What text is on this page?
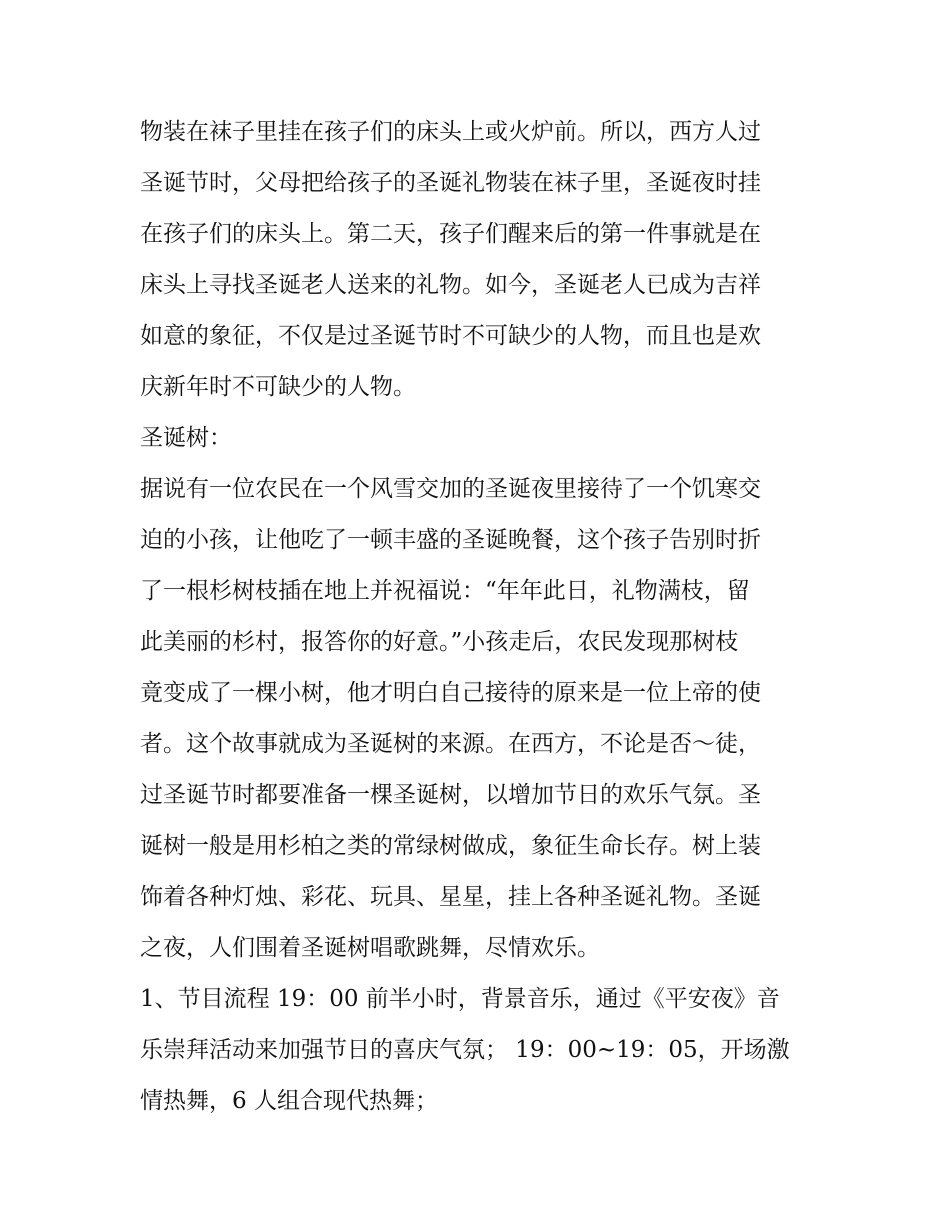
物装在袜子里挂在孩子们的床头上或火炉前。所以，西方人过
圣诞节时，父母把给孩子的圣诞礼物装在袜子里，圣诞夜时挂
在孩子们的床头上。第二天，孩子们醒来后的第一件事就是在
床头上寻找圣诞老人送来的礼物。如今，圣诞老人已成为吉祥
如意的象征，不仅是过圣诞节时不可缺少的人物，而且也是欢
庆新年时不可缺少的人物。
圣诞树：
据说有一位农民在一个风雪交加的圣诞夜里接待了一个饥寒交
迫的小孩，让他吃了一顿丰盛的圣诞晚餐，这个孩子告别时折
了一根杉树枝插在地上并祝福说：“年年此日，礼物满枝，留
此美丽的杉村，报答你的好意。”小孩走后，农民发现那树枝
竟变成了一棵小树，他才明白自己接待的原来是一位上帝的使
者。这个故事就成为圣诞树的来源。在西方，不论是否～徒，
过圣诞节时都要准备一棵圣诞树，以增加节日的欢乐气氛。圣
诞树一般是用杉柏之类的常绿树做成，象征生命长存。树上装
饰着各种灯烛、彩花、玩具、星星，挂上各种圣诞礼物。圣诞
之夜，人们围着圣诞树唱歌跳舞，尽情欢乐。
1、节目流程 19：00 前半小时，背景音乐，通过《平安夜》音
乐崇拜活动来加强节日的喜庆气氛； 19：00~19：05，开场激
情热舞，6 人组合现代热舞；
